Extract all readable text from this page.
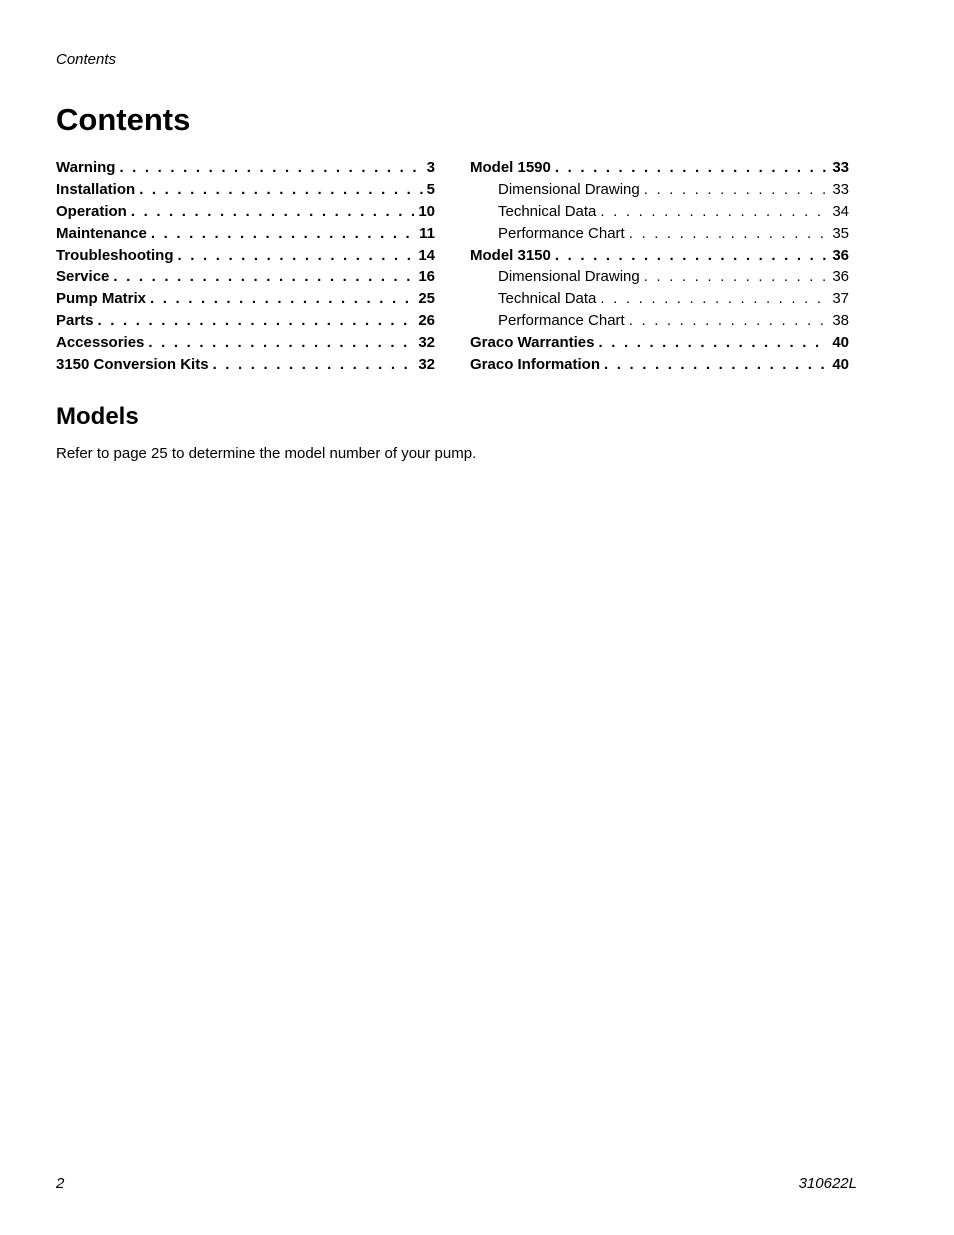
Contents
Contents
Warning . . .	3
Installation . . .	5
Operation . . .	10
Maintenance . . .	11
Troubleshooting . . .	14
Service . . .	16
Pump Matrix . . .	25
Parts . . .	26
Accessories . . .	32
3150 Conversion Kits . . .	32
Model 1590 . . .	33
Dimensional Drawing . . .	33
Technical Data . . .	34
Performance Chart . . .	35
Model 3150 . . .	36
Dimensional Drawing . . .	36
Technical Data . . .	37
Performance Chart . . .	38
Graco Warranties . . .	40
Graco Information . . .	40
Models

Refer to page 25 to determine the model number of your pump.

2	310622L
